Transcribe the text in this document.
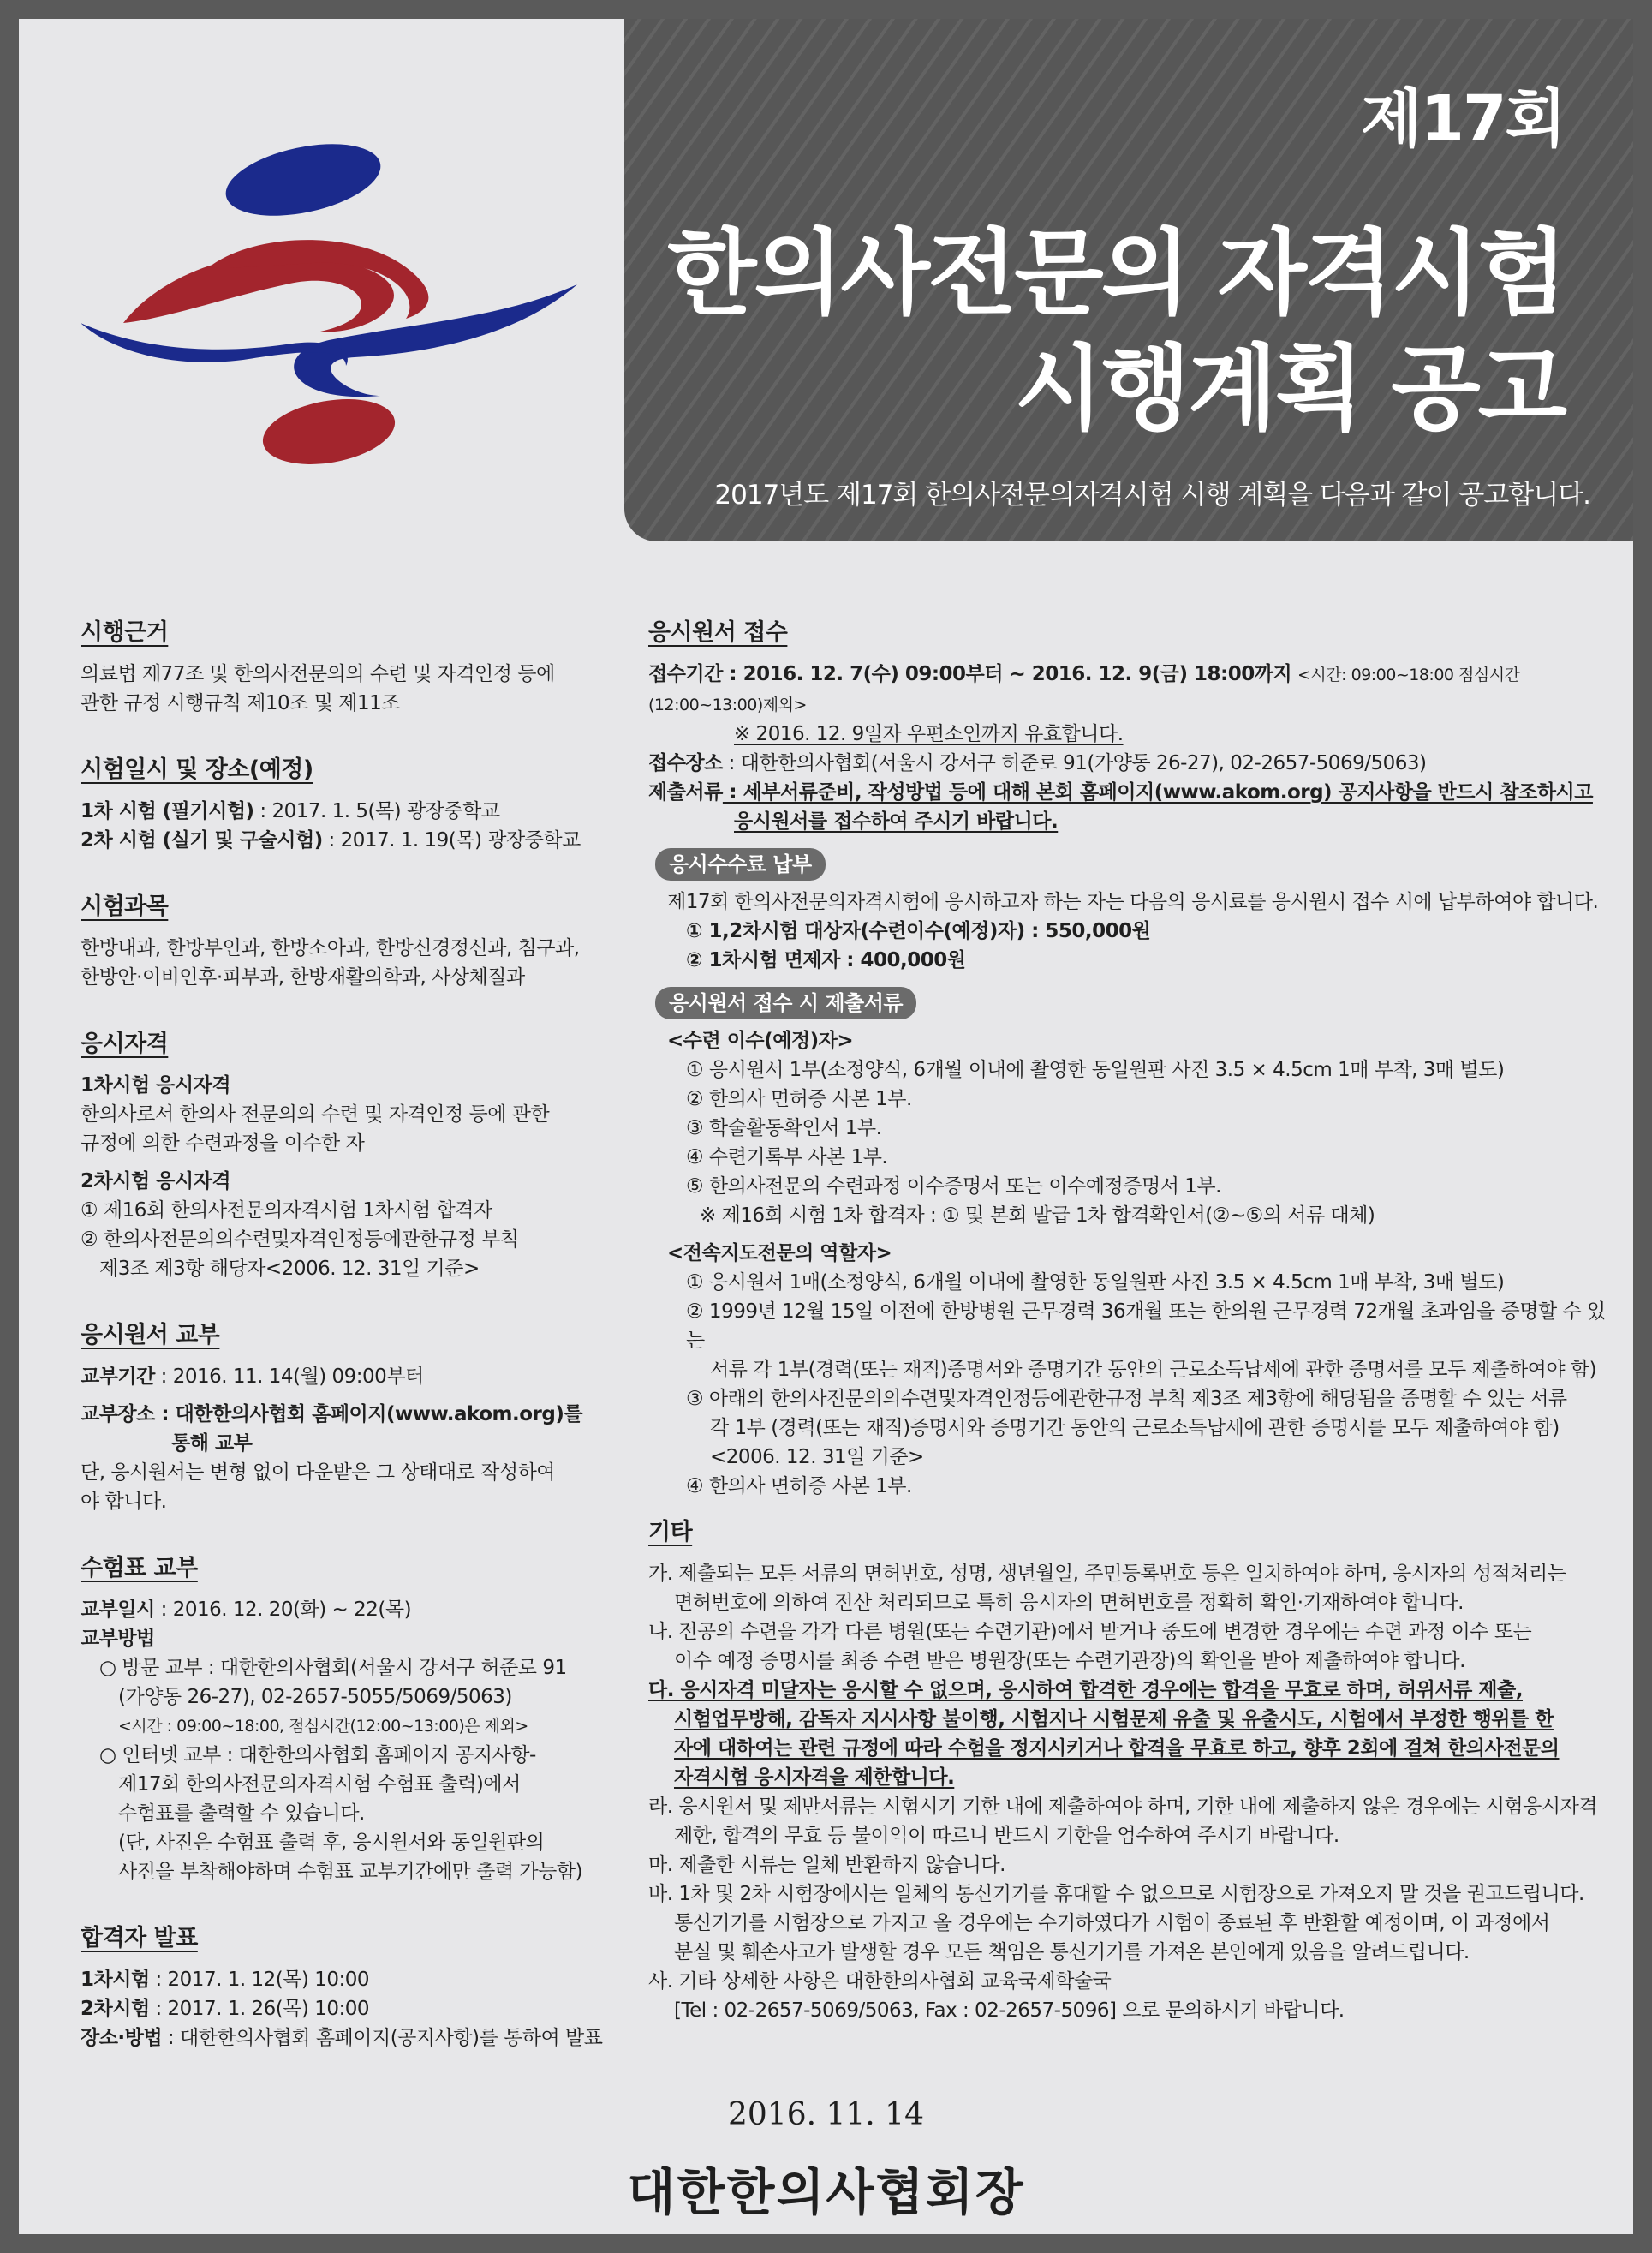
제17회
한의사전문의 자격시험
시행계획 공고
2017년도 제17회 한의사전문의자격시험 시행 계획을 다음과 같이 공고합니다.

시행근거

의료법 제77조 및 한의사전문의의 수련 및 자격인정 등에

관한 규정 시행규칙 제10조 및 제11조

시험일시 및 장소(예정)

1차 시험 (필기시험) : 2017. 1. 5(목) 광장중학교

2차 시험 (실기 및 구술시험) : 2017. 1. 19(목) 광장중학교

시험과목

한방내과, 한방부인과, 한방소아과, 한방신경정신과, 침구과,

한방안·이비인후·피부과, 한방재활의학과, 사상체질과

응시자격

1차시험 응시자격

한의사로서 한의사 전문의의 수련 및 자격인정 등에 관한

규정에 의한 수련과정을 이수한 자

2차시험 응시자격

① 제16회 한의사전문의자격시험 1차시험 합격자

② 한의사전문의의수련및자격인정등에관한규정 부칙

제3조 제3항 해당자<2006. 12. 31일 기준>

응시원서 교부

교부기간 : 2016. 11. 14(월) 09:00부터

교부장소 : 대한한의사협회 홈페이지(www.akom.org)를

통해 교부

단, 응시원서는 변형 없이 다운받은 그 상태대로 작성하여

야 합니다.

수험표 교부

교부일시 : 2016. 12. 20(화) ~ 22(목)

교부방법

○ 방문 교부 : 대한한의사협회(서울시 강서구 허준로 91

(가양동 26-27), 02-2657-5055/5069/5063)

<시간 : 09:00~18:00, 점심시간(12:00~13:00)은 제외>

○ 인터넷 교부 : 대한한의사협회 홈페이지 공지사항-

제17회 한의사전문의자격시험 수험표 출력)에서

수험표를 출력할 수 있습니다.

(단, 사진은 수험표 출력 후, 응시원서와 동일원판의

사진을 부착해야하며 수험표 교부기간에만 출력 가능함)

합격자 발표

1차시험 : 2017. 1. 12(목) 10:00

2차시험 : 2017. 1. 26(목) 10:00

장소·방법 : 대한한의사협회 홈페이지(공지사항)를 통하여 발표

응시원서 접수

접수기간 : 2016. 12. 7(수) 09:00부터 ~ 2016. 12. 9(금) 18:00까지 <시간: 09:00~18:00 점심시간(12:00~13:00)제외>

※ 2016. 12. 9일자 우편소인까지 유효합니다.

접수장소 : 대한한의사협회(서울시 강서구 허준로 91(가양동 26-27), 02-2657-5069/5063)

제출서류 : 세부서류준비, 작성방법 등에 대해 본회 홈페이지(www.akom.org) 공지사항을 반드시 참조하시고

응시원서를 접수하여 주시기 바랍니다.

응시수수료 납부

제17회 한의사전문의자격시험에 응시하고자 하는 자는 다음의 응시료를 응시원서 접수 시에 납부하여야 합니다.

① 1,2차시험 대상자(수련이수(예정)자) : 550,000원

② 1차시험 면제자 : 400,000원

응시원서 접수 시 제출서류

<수련 이수(예정)자>

① 응시원서 1부(소정양식, 6개월 이내에 촬영한 동일원판 사진 3.5 × 4.5cm 1매 부착, 3매 별도)

② 한의사 면허증 사본 1부.

③ 학술활동확인서 1부.

④ 수련기록부 사본 1부.

⑤ 한의사전문의 수련과정 이수증명서 또는 이수예정증명서 1부.

※ 제16회 시험 1차 합격자 : ① 및 본회 발급 1차 합격확인서(②~⑤의 서류 대체)

<전속지도전문의 역할자>

① 응시원서 1매(소정양식, 6개월 이내에 촬영한 동일원판 사진 3.5 × 4.5cm 1매 부착, 3매 별도)

② 1999년 12월 15일 이전에 한방병원 근무경력 36개월 또는 한의원 근무경력 72개월 초과임을 증명할 수 있는

서류 각 1부(경력(또는 재직)증명서와 증명기간 동안의 근로소득납세에 관한 증명서를 모두 제출하여야 함)

③ 아래의 한의사전문의의수련및자격인정등에관한규정 부칙 제3조 제3항에 해당됨을 증명할 수 있는 서류

각 1부 (경력(또는 재직)증명서와 증명기간 동안의 근로소득납세에 관한 증명서를 모두 제출하여야 함)

<2006. 12. 31일 기준>

④ 한의사 면허증 사본 1부.

기타

가. 제출되는 모든 서류의 면허번호, 성명, 생년월일, 주민등록번호 등은 일치하여야 하며, 응시자의 성적처리는

면허번호에 의하여 전산 처리되므로 특히 응시자의 면허번호를 정확히 확인·기재하여야 합니다.

나. 전공의 수련을 각각 다른 병원(또는 수련기관)에서 받거나 중도에 변경한 경우에는 수련 과정 이수 또는

이수 예정 증명서를 최종 수련 받은 병원장(또는 수련기관장)의 확인을 받아 제출하여야 합니다.

다. 응시자격 미달자는 응시할 수 없으며, 응시하여 합격한 경우에는 합격을 무효로 하며, 허위서류 제출,

시험업무방해, 감독자 지시사항 불이행, 시험지나 시험문제 유출 및 유출시도, 시험에서 부정한 행위를 한

자에 대하여는 관련 규정에 따라 수험을 정지시키거나 합격을 무효로 하고, 향후 2회에 걸쳐 한의사전문의

자격시험 응시자격을 제한합니다.

라. 응시원서 및 제반서류는 시험시기 기한 내에 제출하여야 하며, 기한 내에 제출하지 않은 경우에는 시험응시자격

제한, 합격의 무효 등 불이익이 따르니 반드시 기한을 엄수하여 주시기 바랍니다.

마. 제출한 서류는 일체 반환하지 않습니다.

바. 1차 및 2차 시험장에서는 일체의 통신기기를 휴대할 수 없으므로 시험장으로 가져오지 말 것을 권고드립니다.

통신기기를 시험장으로 가지고 올 경우에는 수거하였다가 시험이 종료된 후 반환할 예정이며, 이 과정에서

분실 및 훼손사고가 발생할 경우 모든 책임은 통신기기를 가져온 본인에게 있음을 알려드립니다.

사. 기타 상세한 사항은 대한한의사협회 교육국제학술국

[Tel : 02-2657-5069/5063, Fax : 02-2657-5096] 으로 문의하시기 바랍니다.

2016. 11. 14
대한한의사협회장
